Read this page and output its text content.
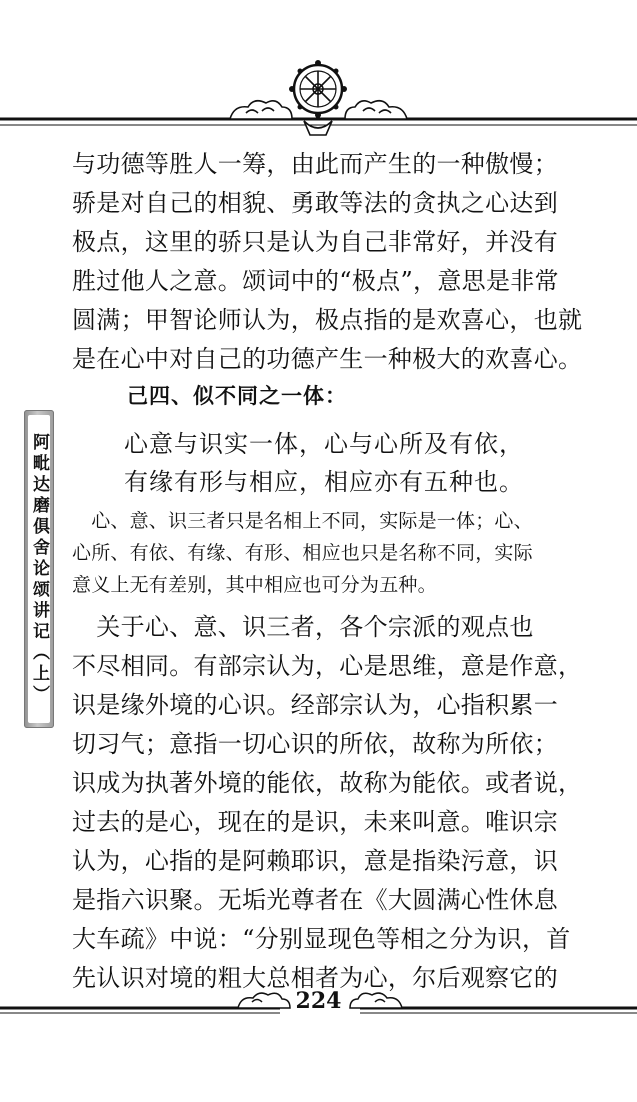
与功德等胜人一筹，由此而产生的一种傲慢；
骄是对自己的相貌、勇敢等法的贪执之心达到
极点，这里的骄只是认为自己非常好，并没有
胜过他人之意。颂词中的“极点”，意思是非常
圆满；甲智论师认为，极点指的是欢喜心，也就
是在心中对自己的功德产生一种极大的欢喜心。
己四、似不同之一体：
心意与识实一体，心与心所及有依，
有缘有形与相应，相应亦有五种也。
　心、意、识三者只是名相上不同，实际是一体；心、
心所、有依、有缘、有形、相应也只是名称不同，实际
意义上无有差别，其中相应也可分为五种。
　关于心、意、识三者，各个宗派的观点也
不尽相同。有部宗认为，心是思维，意是作意，
识是缘外境的心识。经部宗认为，心指积累一
切习气；意指一切心识的所依，故称为所依；
识成为执著外境的能依，故称为能依。或者说，
过去的是心，现在的是识，未来叫意。唯识宗
认为，心指的是阿赖耶识，意是指染污意，识
是指六识聚。无垢光尊者在《大圆满心性休息
大车疏》中说：“分别显现色等相之分为识，首
先认识对境的粗大总相者为心，尔后观察它的
阿毗达磨俱舍论颂讲记（上）
224
